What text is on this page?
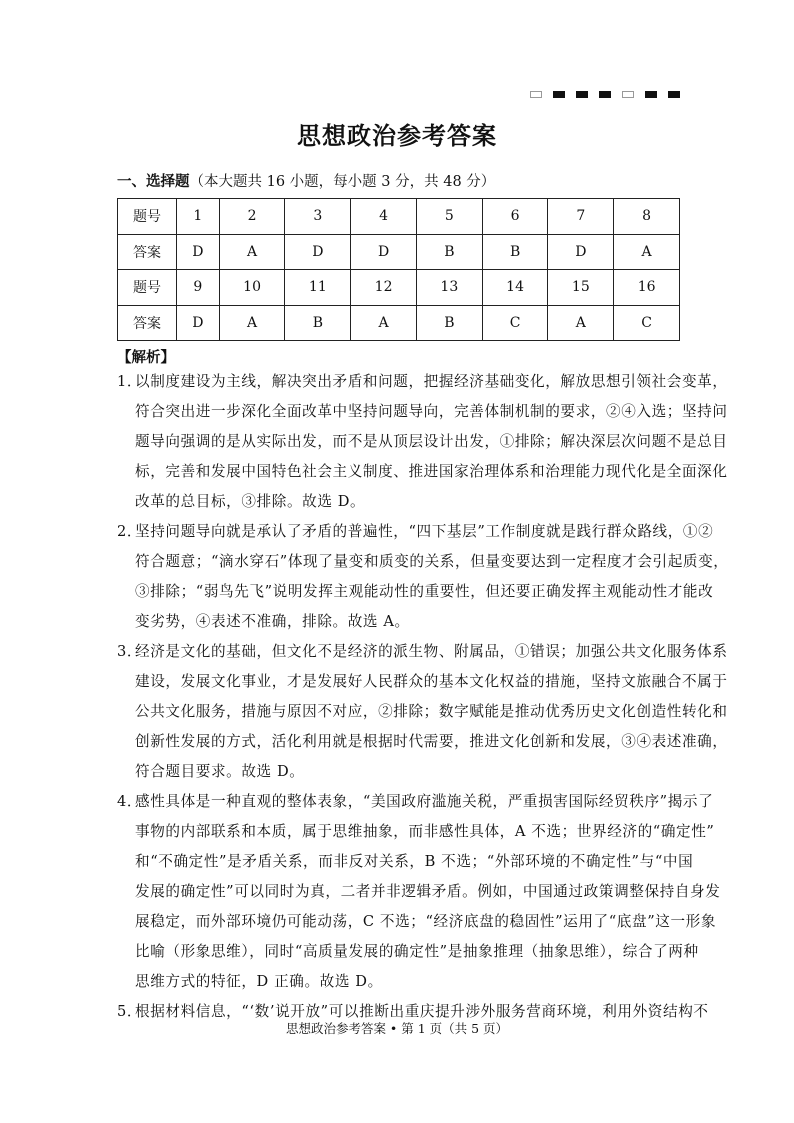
思想政治参考答案
一、选择题（本大题共 16 小题，每小题 3 分，共 48 分）
题号	1	2	3	4	5	6	7	8
答案	D	A	D	D	B	B	D	A
题号	9	10	11	12	13	14	15	16
答案	D	A	B	A	B	C	A	C
【解析】
1．
以制度建设为主线，解决突出矛盾和问题，把握经济基础变化，解放思想引领社会变革，
符合突出进一步深化全面改革中坚持问题导向，完善体制机制的要求，②④入选；坚持问
题导向强调的是从实际出发，而不是从顶层设计出发，①排除；解决深层次问题不是总目
标，完善和发展中国特色社会主义制度、推进国家治理体系和治理能力现代化是全面深化
改革的总目标，③排除。故选 D。
2．
坚持问题导向就是承认了矛盾的普遍性，“四下基层”工作制度就是践行群众路线，①②
符合题意；“滴水穿石”体现了量变和质变的关系，但量变要达到一定程度才会引起质变，
③排除；“弱鸟先飞”说明发挥主观能动性的重要性，但还要正确发挥主观能动性才能改
变劣势，④表述不准确，排除。故选 A。
3．
经济是文化的基础，但文化不是经济的派生物、附属品，①错误；加强公共文化服务体系
建设，发展文化事业，才是发展好人民群众的基本文化权益的措施，坚持文旅融合不属于
公共文化服务，措施与原因不对应，②排除；数字赋能是推动优秀历史文化创造性转化和
创新性发展的方式，活化利用就是根据时代需要，推进文化创新和发展，③④表述准确，
符合题目要求。故选 D。
4．
感性具体是一种直观的整体表象，“美国政府滥施关税，严重损害国际经贸秩序”揭示了
事物的内部联系和本质，属于思维抽象，而非感性具体，A 不选；世界经济的“确定性”
和“不确定性”是矛盾关系，而非反对关系，B 不选；“外部环境的不确定性”与“中国
发展的确定性”可以同时为真，二者并非逻辑矛盾。例如，中国通过政策调整保持自身发
展稳定，而外部环境仍可能动荡，C 不选；“经济底盘的稳固性”运用了“底盘”这一形象
比喻（形象思维），同时“高质量发展的确定性”是抽象推理（抽象思维），综合了两种
思维方式的特征，D 正确。故选 D。
5．
根据材料信息，“‘数’说开放”可以推断出重庆提升涉外服务营商环境，利用外资结构不
思想政治参考答案 • 第 1 页（共 5 页）
